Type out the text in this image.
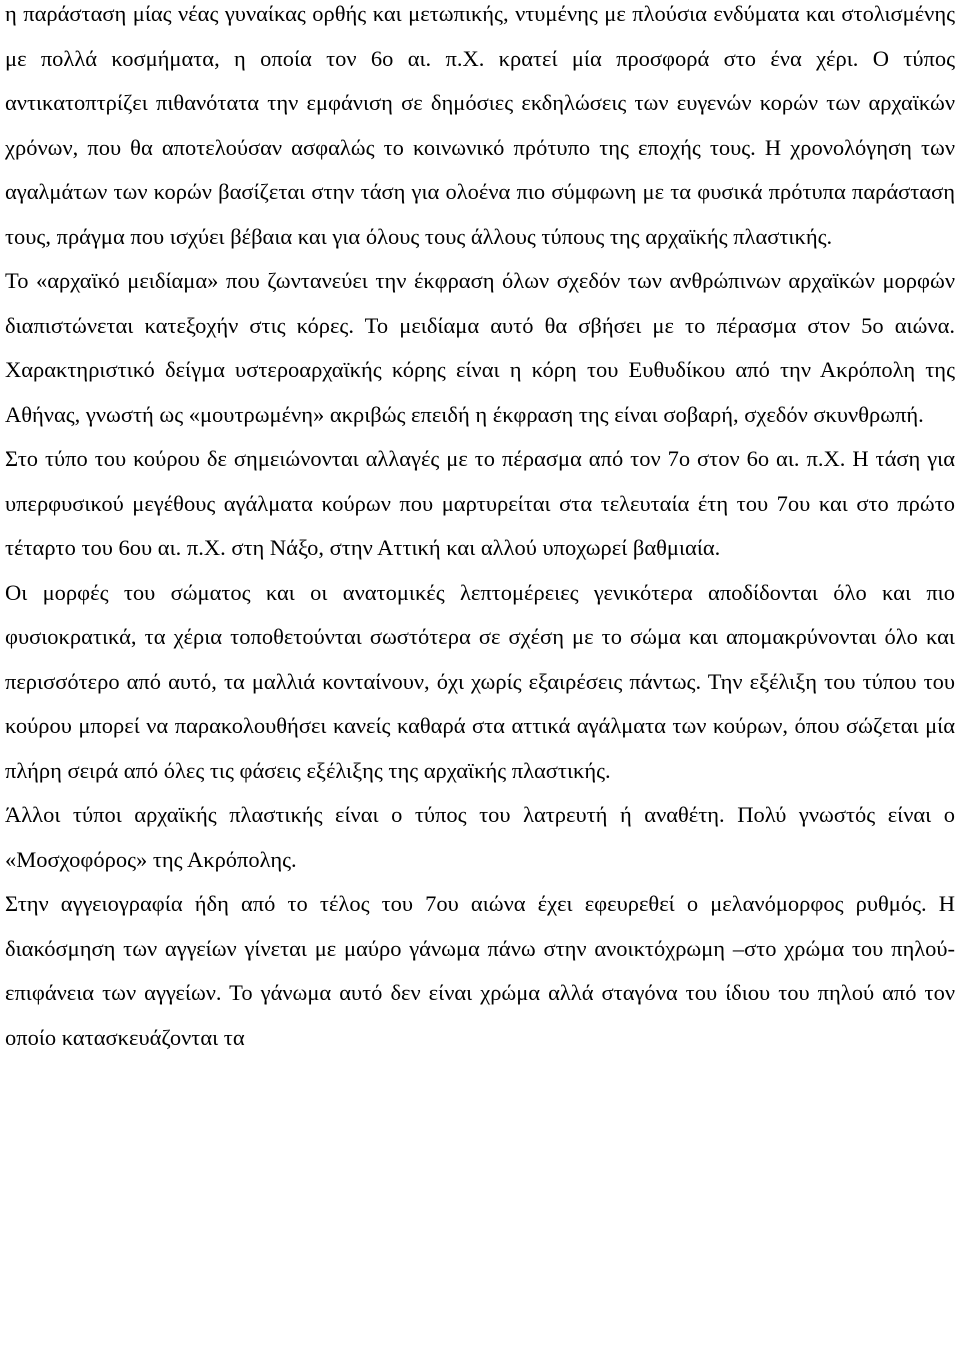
η παράσταση μίας νέας γυναίκας ορθής και μετωπικής, ντυμένης με πλούσια ενδύματα και στολισμένης με πολλά κοσμήματα, η οποία τον 6ο αι. π.Χ. κρατεί μία προσφορά στο ένα χέρι. Ο τύπος αντικατοπτρίζει πιθανότατα την εμφάνιση σε δημόσιες εκδηλώσεις των ευγενών κορών των αρχαϊκών χρόνων, που θα αποτελούσαν ασφαλώς το κοινωνικό πρότυπο της εποχής τους. Η χρονολόγηση των αγαλμάτων των κορών βασίζεται στην τάση για ολοένα πιο σύμφωνη με τα φυσικά πρότυπα παράσταση τους, πράγμα που ισχύει βέβαια και για όλους τους άλλους τύπους της αρχαϊκής πλαστικής.

Το «αρχαϊκό μειδίαμα» που ζωντανεύει την έκφραση όλων σχεδόν των ανθρώπινων αρχαϊκών μορφών διαπιστώνεται κατεξοχήν στις κόρες. Το μειδίαμα αυτό θα σβήσει με το πέρασμα στον 5ο αιώνα. Χαρακτηριστικό δείγμα υστεροαρχαϊκής κόρης είναι η κόρη του Ευθυδίκου από την Ακρόπολη της Αθήνας, γνωστή ως «μουτρωμένη» ακριβώς επειδή η έκφραση της είναι σοβαρή, σχεδόν σκυνθρωπή.

Στο τύπο του κούρου δε σημειώνονται αλλαγές με το πέρασμα από τον 7ο στον 6ο αι. π.Χ. Η τάση για υπερφυσικού μεγέθους αγάλματα κούρων που μαρτυρείται στα τελευταία έτη του 7ου και στο πρώτο τέταρτο του 6ου αι. π.Χ. στη Νάξο, στην Αττική και αλλού υποχωρεί βαθμιαία.

Οι μορφές του σώματος και οι ανατομικές λεπτομέρειες γενικότερα αποδίδονται όλο και πιο φυσιοκρατικά, τα χέρια τοποθετούνται σωστότερα σε σχέση με το σώμα και απομακρύνονται όλο και περισσότερο από αυτό, τα μαλλιά κονταίνουν, όχι χωρίς εξαιρέσεις πάντως. Την εξέλιξη του τύπου του κούρου μπορεί να παρακολουθήσει κανείς καθαρά στα αττικά αγάλματα των κούρων, όπου σώζεται μία πλήρη σειρά από όλες τις φάσεις εξέλιξης της αρχαϊκής πλαστικής.

Άλλοι τύποι αρχαϊκής πλαστικής είναι ο τύπος του λατρευτή ή αναθέτη. Πολύ γνωστός είναι ο «Μοσχοφόρος» της Ακρόπολης.

Στην αγγειογραφία ήδη από το τέλος του 7ου αιώνα έχει εφευρεθεί ο μελανόμορφος ρυθμός. Η διακόσμηση των αγγείων γίνεται με μαύρο γάνωμα πάνω στην ανοικτόχρωμη –στο χρώμα του πηλού- επιφάνεια των αγγείων. Το γάνωμα αυτό δεν είναι χρώμα αλλά σταγόνα του ίδιου του πηλού από τον οποίο κατασκευάζονται τα
